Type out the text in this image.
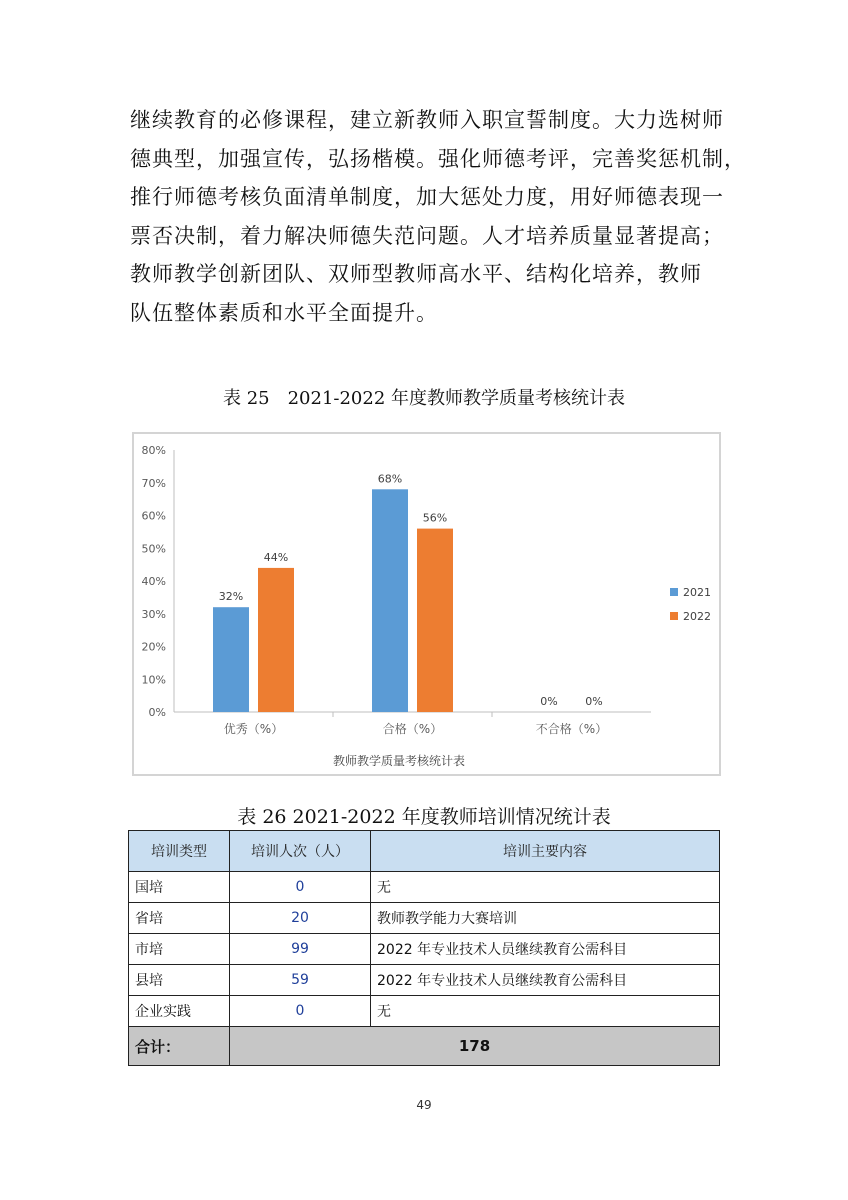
继续教育的必修课程，建立新教师入职宣誓制度。大力选树师
德典型，加强宣传，弘扬楷模。强化师德考评，完善奖惩机制，
推行师德考核负面清单制度，加大惩处力度，用好师德表现一
票否决制，着力解决师德失范问题。人才培养质量显著提高；
教师教学创新团队、双师型教师高水平、结构化培养，教师
队伍整体素质和水平全面提升。
表 25　2021-2022 年度教师教学质量考核统计表
0%
10%
20%
30%
40%
50%
60%
70%
80%
32%
44%
优秀（%）
68%
56%
合格（%）
0%	0%
不合格（%）
2021
2022
教师教学质量考核统计表
表 26 2021-2022 年度教师培训情况统计表
培训类型	培训人次（人）	培训主要内容
国培	0	无
省培	20	教师教学能力大赛培训
市培	99	2022 年专业技术人员继续教育公需科目
县培	59	2022 年专业技术人员继续教育公需科目
企业实践	0	无
合计：	178	
49
